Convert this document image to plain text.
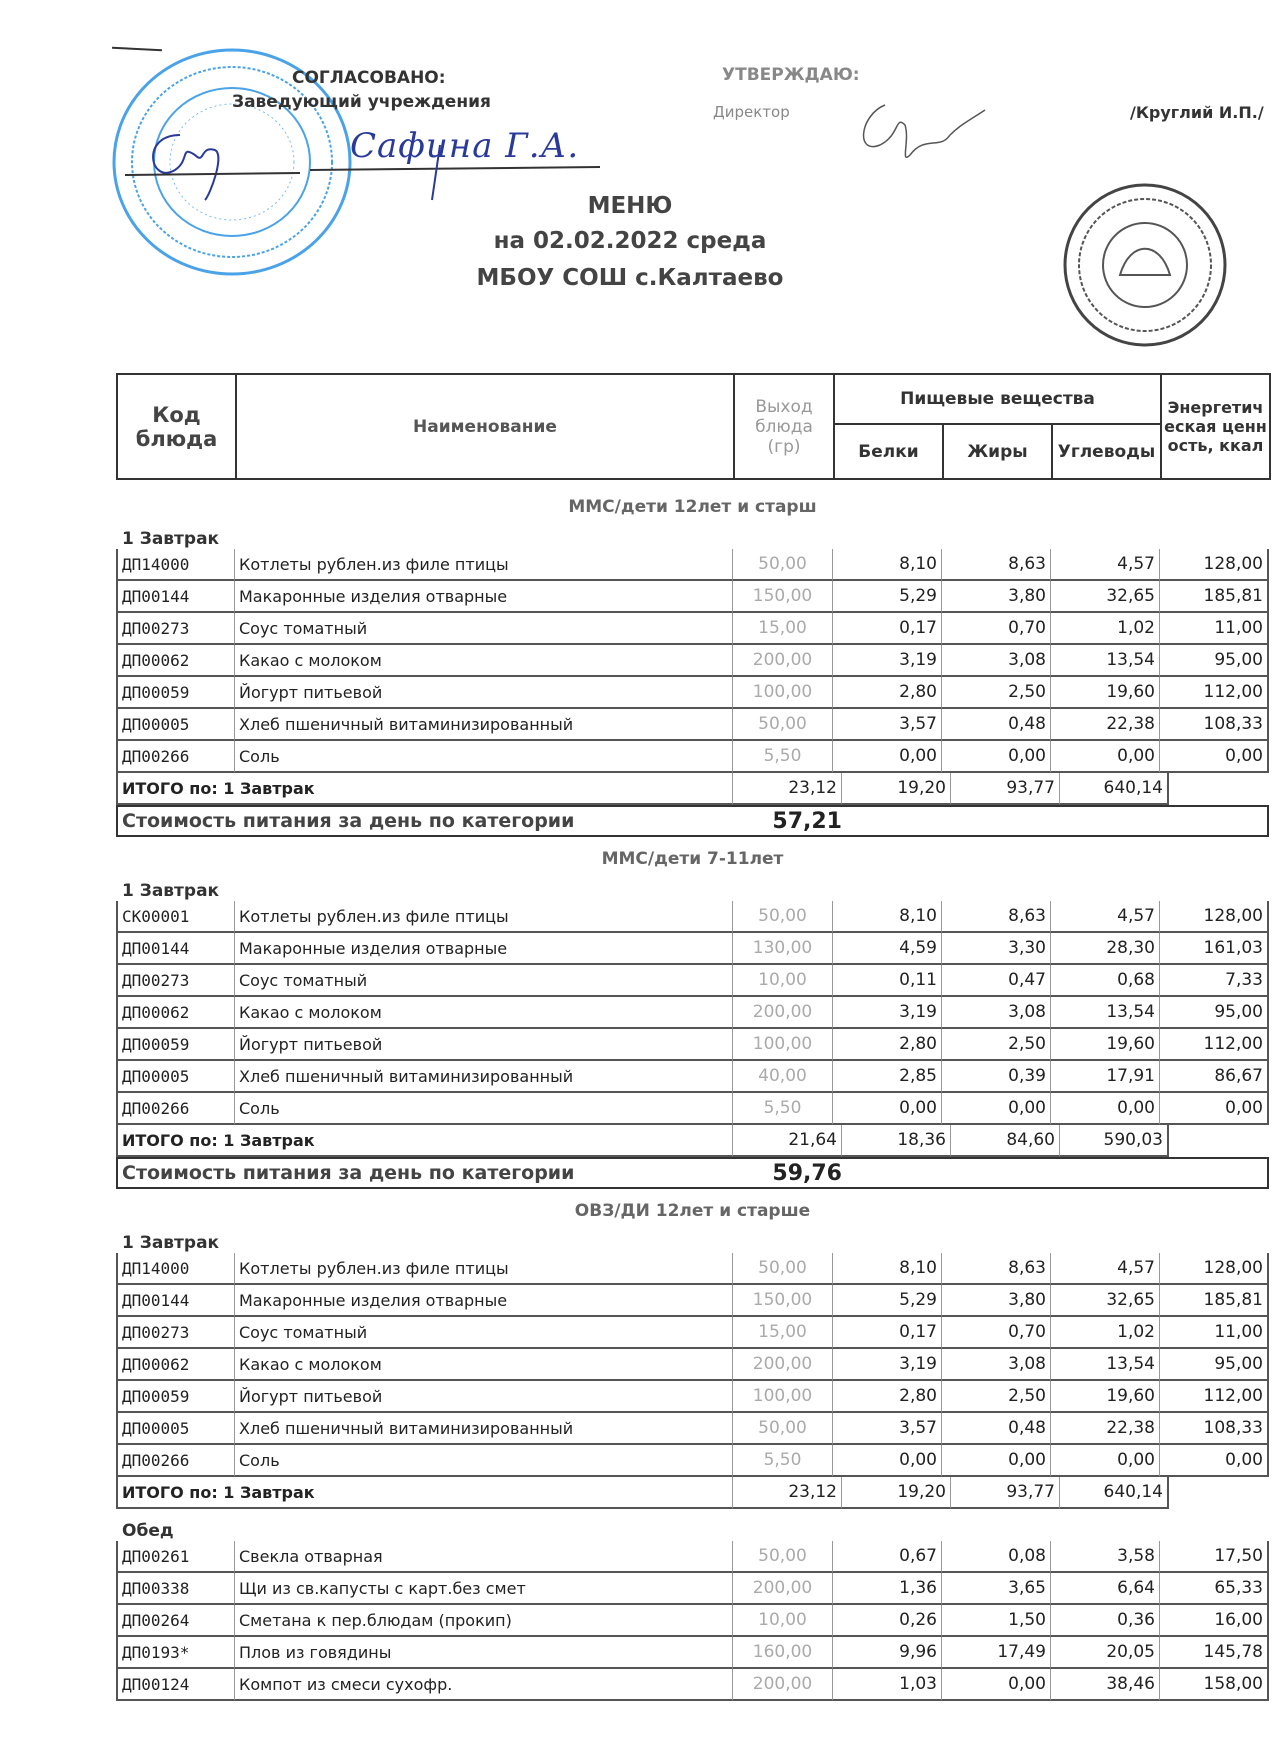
СОГЛАСОВАНО:
Заведующий учреждения
Сафина Г.А.
УТВЕРЖДАЮ:
Директор	/Круглий И.П./
МЕНЮ
на 02.02.2022 среда
МБОУ СОШ с.Калтаево
Код блюда	Наименование	Выход блюда (гр)	Пищевые вещества			Энергетическая ценность, ккал
			Белки	Жиры	Углеводы	
ММС/дети 12лет и старш
1 Завтрак
ДП14000	Котлеты рублен.из филе птицы	50,00	8,10	8,63	4,57	128,00
ДП00144	Макаронные изделия отварные	150,00	5,29	3,80	32,65	185,81
ДП00273	Соус томатный	15,00	0,17	0,70	1,02	11,00
ДП00062	Какао с молоком	200,00	3,19	3,08	13,54	95,00
ДП00059	Йогурт питьевой	100,00	2,80	2,50	19,60	112,00
ДП00005	Хлеб пшеничный витаминизированный	50,00	3,57	0,48	22,38	108,33
ДП00266	Соль	5,50	0,00	0,00	0,00	0,00
ИТОГО по: 1 Завтрак	23,12	19,20	93,77	640,14
Стоимость питания за день по категории	57,21
ММС/дети 7-11лет
1 Завтрак
СК00001	Котлеты рублен.из филе птицы	50,00	8,10	8,63	4,57	128,00
ДП00144	Макаронные изделия отварные	130,00	4,59	3,30	28,30	161,03
ДП00273	Соус томатный	10,00	0,11	0,47	0,68	7,33
ДП00062	Какао с молоком	200,00	3,19	3,08	13,54	95,00
ДП00059	Йогурт питьевой	100,00	2,80	2,50	19,60	112,00
ДП00005	Хлеб пшеничный витаминизированный	40,00	2,85	0,39	17,91	86,67
ДП00266	Соль	5,50	0,00	0,00	0,00	0,00
ИТОГО по: 1 Завтрак	21,64	18,36	84,60	590,03
Стоимость питания за день по категории	59,76
ОВЗ/ДИ 12лет и старше
1 Завтрак
ДП14000	Котлеты рублен.из филе птицы	50,00	8,10	8,63	4,57	128,00
ДП00144	Макаронные изделия отварные	150,00	5,29	3,80	32,65	185,81
ДП00273	Соус томатный	15,00	0,17	0,70	1,02	11,00
ДП00062	Какао с молоком	200,00	3,19	3,08	13,54	95,00
ДП00059	Йогурт питьевой	100,00	2,80	2,50	19,60	112,00
ДП00005	Хлеб пшеничный витаминизированный	50,00	3,57	0,48	22,38	108,33
ДП00266	Соль	5,50	0,00	0,00	0,00	0,00
ИТОГО по: 1 Завтрак	23,12	19,20	93,77	640,14
Обед
ДП00261	Свекла отварная	50,00	0,67	0,08	3,58	17,50
ДП00338	Щи из св.капусты с карт.без смет	200,00	1,36	3,65	6,64	65,33
ДП00264	Сметана к пер.блюдам (прокип)	10,00	0,26	1,50	0,36	16,00
ДП0193*	Плов из говядины	160,00	9,96	17,49	20,05	145,78
ДП00124	Компот из смеси сухофр.	200,00	1,03	0,00	38,46	158,00
